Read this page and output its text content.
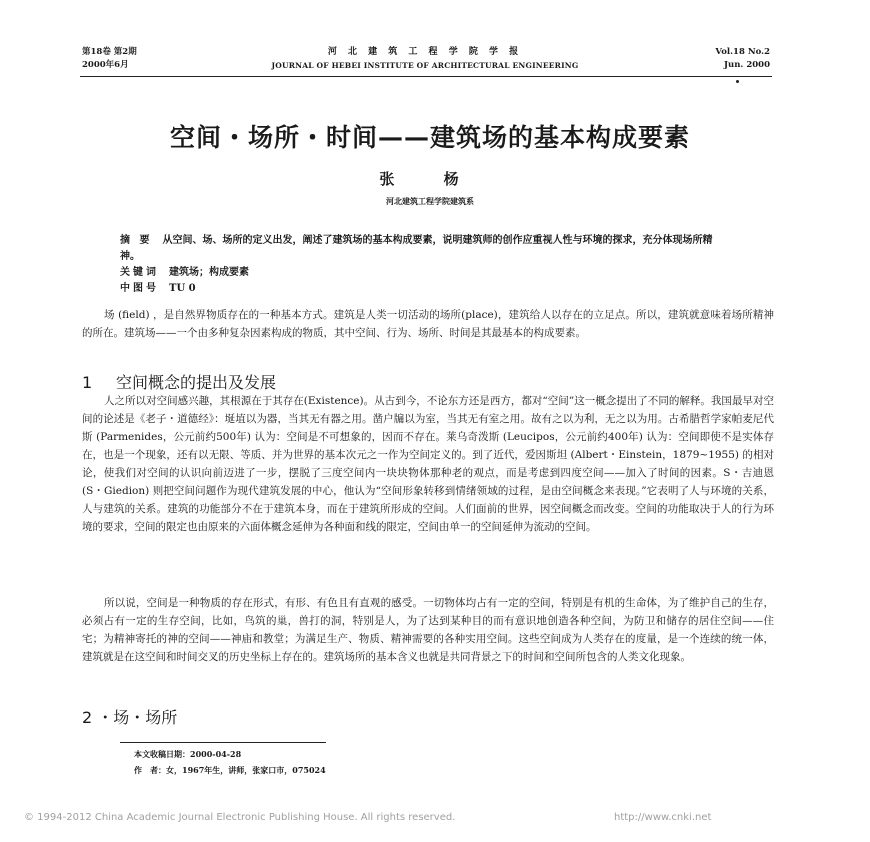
第18卷 第2期
2000年6月
河 北 建 筑 工 程 学 院 学 报
JOURNAL OF HEBEI INSTITUTE OF ARCHITECTURAL ENGINEERING
Vol.18 No.2
Jun. 2000
空间・场所・时间——建筑场的基本构成要素
张 杨
河北建筑工程学院建筑系
摘 要 从空间、场、场所的定义出发，阐述了建筑场的基本构成要素，说明建筑师的创作应重视人性与环境的探求，充分体现场所精神。
关键词 建筑场；构成要素
中图号 TU 0
场 (field) ，是自然界物质存在的一种基本方式。建筑是人类一切活动的场所(place)，建筑给人以存在的立足点。所以，建筑就意味着场所精神的所在。建筑场——一个由多种复杂因素构成的物质，其中空间、行为、场所、时间是其最基本的构成要素。
1 空间概念的提出及发展
人之所以对空间感兴趣，其根源在于其存在(Existence)。从古到今，不论东方还是西方，都对“空间”这一概念提出了不同的解释。我国最早对空间的论述是《老子・道德经》：埏埴以为器，当其无有器之用。凿户牖以为室，当其无有室之用。故有之以为利，无之以为用。古希腊哲学家帕麦尼代斯 (Parmenides，公元前约500年) 认为：空间是不可想象的，因而不存在。莱乌奇泼斯 (Leucipos，公元前约400年) 认为：空间即使不是实体存在，也是一个现象，还有以无限、等质、并为世界的基本次元之一作为空间定义的。到了近代，爱因斯坦 (Albert・Einstein，1879~1955) 的相对论，使我们对空间的认识向前迈进了一步，摆脱了三度空间内一块块物体那种老的观点，而是考虑到四度空间——加入了时间的因素。S・吉迪恩 (S・Giedion) 则把空间问题作为现代建筑发展的中心，他认为“空间形象转移到情绪领域的过程，是由空间概念来表现。”它表明了人与环境的关系，人与建筑的关系。建筑的功能部分不在于建筑本身，而在于建筑所形成的空间。人们面前的世界，因空间概念而改变。空间的功能取决于人的行为环境的要求，空间的限定也由原来的六面体概念延伸为各种面和线的限定，空间由单一的空间延伸为流动的空间。
所以说，空间是一种物质的存在形式，有形、有色且有直观的感受。一切物体均占有一定的空间，特别是有机的生命体，为了维护自己的生存，必须占有一定的生存空间，比如，鸟筑的巢，兽打的洞，特别是人，为了达到某种目的而有意识地创造各种空间，为防卫和储存的居住空间——住宅；为精神寄托的神的空间——神庙和教堂；为满足生产、物质、精神需要的各种实用空间。这些空间成为人类存在的度量，是一个连续的统一体，建筑就是在这空间和时间交叉的历史坐标上存在的。建筑场所的基本含义也就是共同背景之下的时间和空间所包含的人类文化现象。
2 ・场・场所
本文收稿日期：2000-04-28
作　者：女，1967年生，讲师，张家口市，075024
© 1994-2012 China Academic Journal Electronic Publishing House. All rights reserved.	http://www.cnki.net
